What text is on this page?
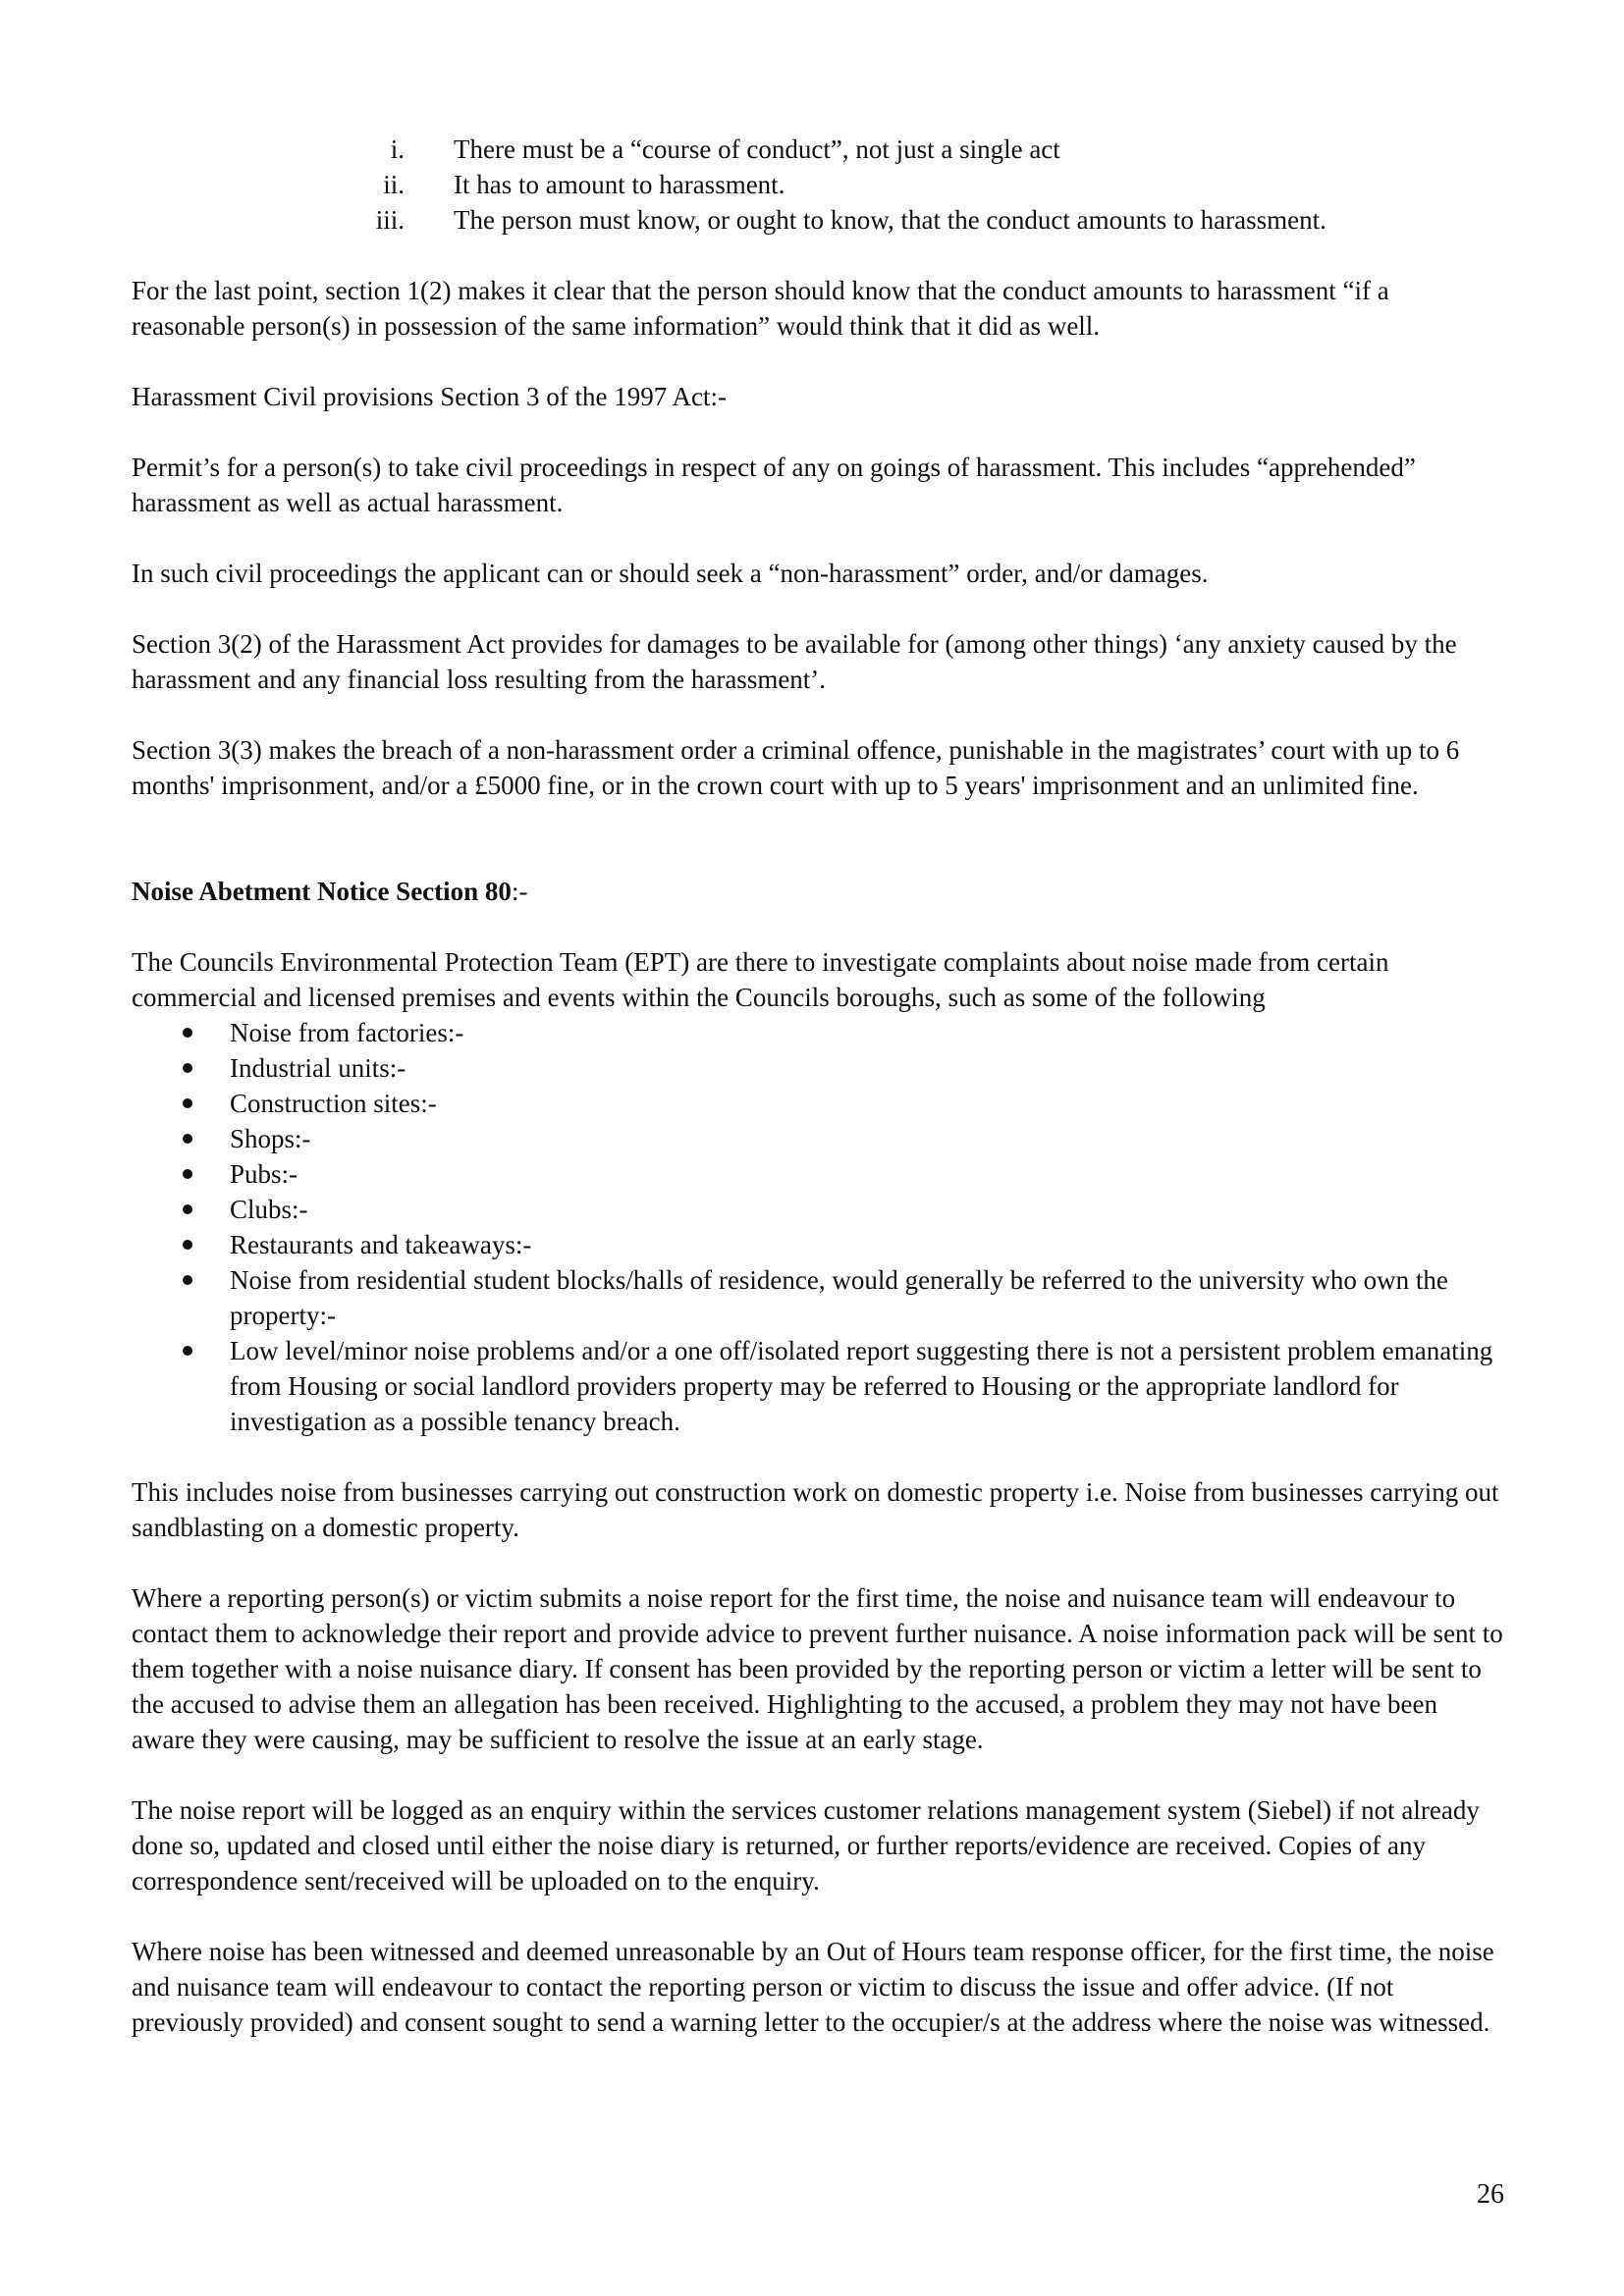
i. There must be a “course of conduct”, not just a single act
ii. It has to amount to harassment.
iii. The person must know, or ought to know, that the conduct amounts to harassment.

For the last point, section 1(2) makes it clear that the person should know that the conduct amounts to harassment “if a reasonable person(s) in possession of the same information” would think that it did as well.

Harassment Civil provisions Section 3 of the 1997 Act:-

Permit’s for a person(s) to take civil proceedings in respect of any on goings of harassment. This includes “apprehended” harassment as well as actual harassment.

In such civil proceedings the applicant can or should seek a “non-harassment” order, and/or damages.

Section 3(2) of the Harassment Act provides for damages to be available for (among other things) ‘any anxiety caused by the harassment and any financial loss resulting from the harassment’.

Section 3(3) makes the breach of a non-harassment order a criminal offence, punishable in the magistrates’ court with up to 6 months' imprisonment, and/or a £5000 fine, or in the crown court with up to 5 years' imprisonment and an unlimited fine.

Noise Abetment Notice Section 80:-

The Councils Environmental Protection Team (EPT) are there to investigate complaints about noise made from certain commercial and licensed premises and events within the Councils boroughs, such as some of the following

Noise from factories:-
Industrial units:-
Construction sites:-
Shops:-
Pubs:-
Clubs:-
Restaurants and takeaways:-
Noise from residential student blocks/halls of residence, would generally be referred to the university who own the property:-
Low level/minor noise problems and/or a one off/isolated report suggesting there is not a persistent problem emanating from Housing or social landlord providers property may be referred to Housing or the appropriate landlord for investigation as a possible tenancy breach.

This includes noise from businesses carrying out construction work on domestic property i.e. Noise from businesses carrying out sandblasting on a domestic property.

Where a reporting person(s) or victim submits a noise report for the first time, the noise and nuisance team will endeavour to contact them to acknowledge their report and provide advice to prevent further nuisance. A noise information pack will be sent to them together with a noise nuisance diary. If consent has been provided by the reporting person or victim a letter will be sent to the accused to advise them an allegation has been received. Highlighting to the accused, a problem they may not have been aware they were causing, may be sufficient to resolve the issue at an early stage.

The noise report will be logged as an enquiry within the services customer relations management system (Siebel) if not already done so, updated and closed until either the noise diary is returned, or further reports/evidence are received. Copies of any correspondence sent/received will be uploaded on to the enquiry.

Where noise has been witnessed and deemed unreasonable by an Out of Hours team response officer, for the first time, the noise and nuisance team will endeavour to contact the reporting person or victim to discuss the issue and offer advice. (If not previously provided) and consent sought to send a warning letter to the occupier/s at the address where the noise was witnessed.

26
